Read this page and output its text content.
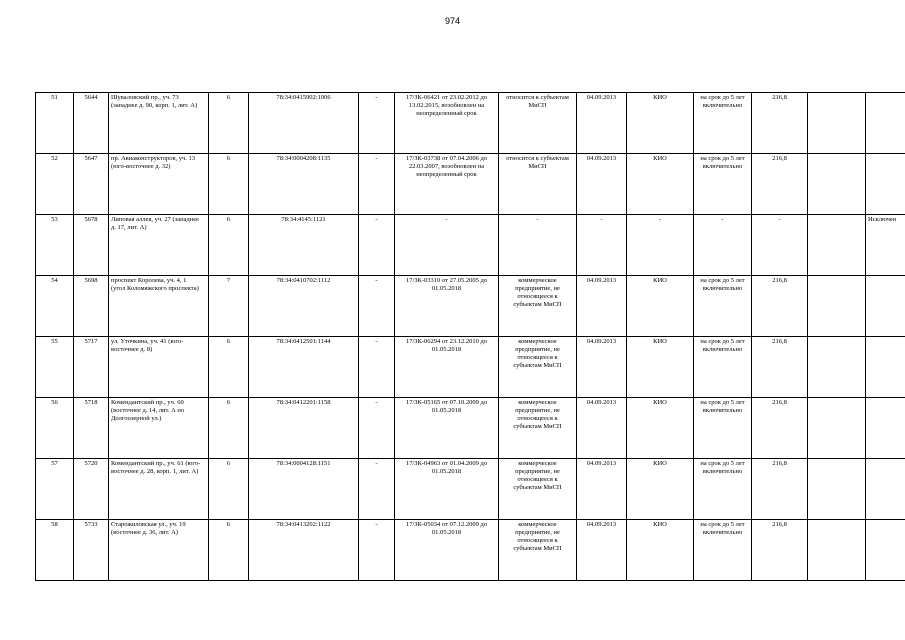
974
51	5644	Шуваловский пр., уч. 73
(западнее д. 90, корп. 1, лит. А)	6	78:34:0415902:1006	-	17/ЗК-06421 от 23.02.2012 до
13.02.2015, возобновлен на
неопределенный срок	относится к субъектам
МиСП	04.09.2013	КИО	на срок до 5 лет
включительно	216,8		
52	5647	пр. Авиаконструкторов, уч. 13
(юго-восточнее д. 32)	6	78:34:0004208:1135	-	17/ЗК-03738 от 07.04.2006 до
22.03.2007, возобновлен на
неопределенный срок	относится к субъектам
МиСП	04.09.2013	КИО	на срок до 5 лет
включительно	216,8		
53	5678	Липовая аллея, уч. 27 (западнее
д. 17, лит. А)	6	78:34:4145:1121	-	-	-	-	-	-	-		Исключен
54	5698	проспект Королева, уч. 4, 1
(угол Коломяжского проспекта)	7	78:34:0410702:1112	-	17/ЗК-03310 от 27.05.2005 до
01.05.2018	коммерческое
предприятие, не
относящееся к
субъектам МиСП	04.09.2013	КИО	на срок до 5 лет
включительно	216,8		
55	5717	ул. Уточкина, уч. 41 (юго-
восточнее д. 8)	6	78:34:0412501:1144	-	17/ЗК-06294 от 23.12.2010 до
01.05.2018	коммерческое
предприятие, не
относящееся к
субъектам МиСП	04.09.2013	КИО	на срок до 5 лет
включительно	216,8		
56	5718	Комендантский пр., уч. 60
(восточнее д. 14, лит. А по
Долгоозерной ул.)	6	78:34:0412201:1158	-	17/ЗК-05165 от 07.10.2009 до
01.05.2018	коммерческое
предприятие, не
относящееся к
субъектам МиСП	04.09.2013	КИО	на срок до 5 лет
включительно	216,8		
57	5720	Комендантский пр., уч. 61 (юго-
восточнее д. 28, корп. 1, лит. А)	6	78:34:0004128:1151	-	17/ЗК-04963 от 01.04.2009 до
01.05.2018	коммерческое
предприятие, не
относящееся к
субъектам МиСП	04.09.2013	КИО	на срок до 5 лет
включительно	216,8		
58	5733	Старожиловская ул., уч. 19
(восточнее д. 36, лит. А)	6	78:34:0413202:1122	-	17/ЗК-05034 от 07.12.2009 до
01.05.2018	коммерческое
предприятие, не
относящееся к
субъектам МиСП	04.09.2013	КИО	на срок до 5 лет
включительно	216,8		
